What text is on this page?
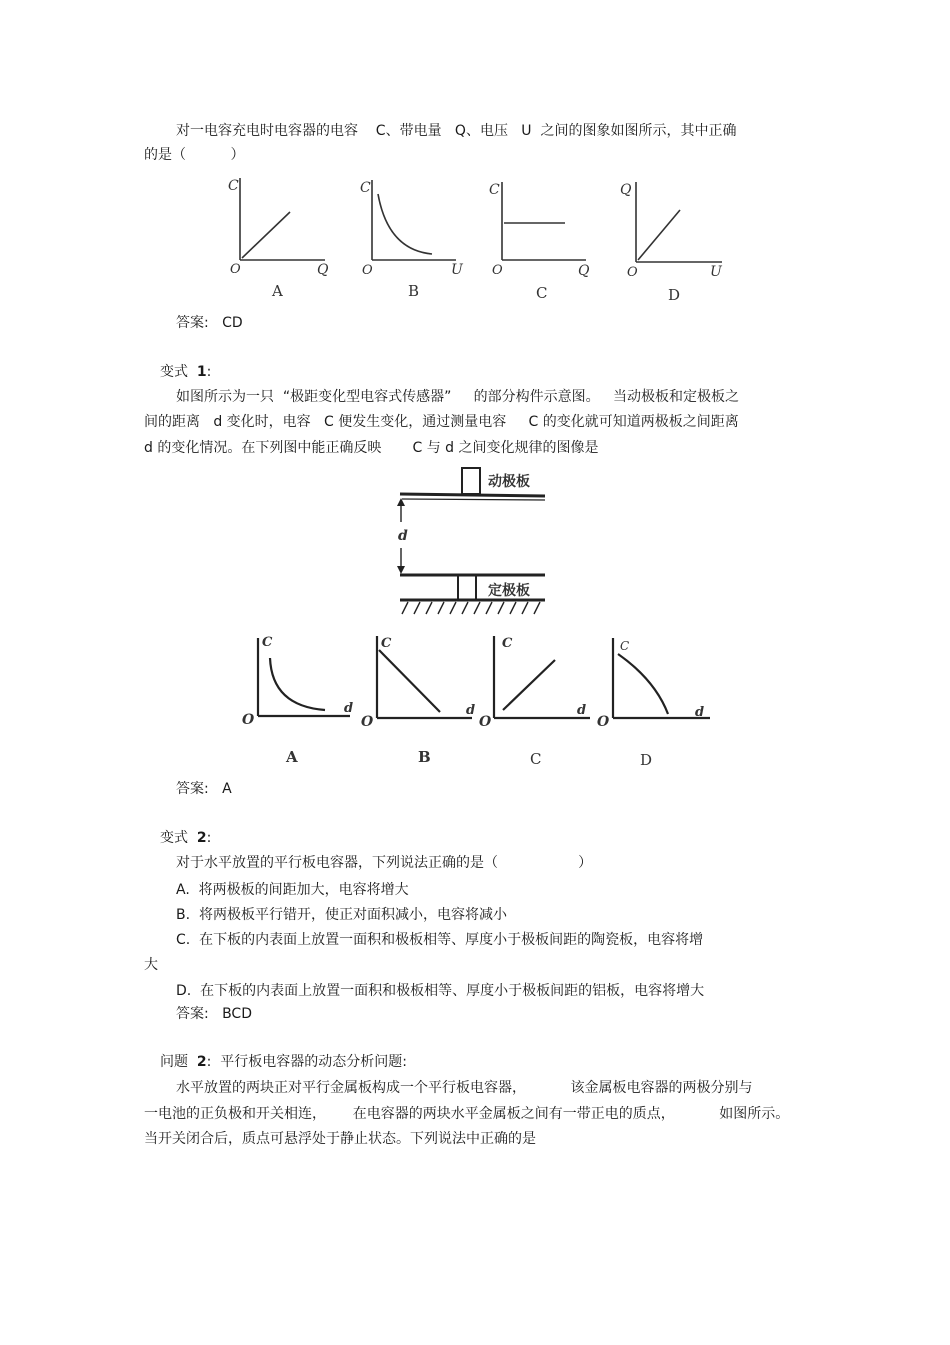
对一电容充电时电容器的电容    C、带电量   Q、电压   U  之间的图象如图所示，其中正确
的是（          ）
C
O	Q
A
C
O	U
B
C
O	Q
C
Q
O	U
D
答案:   CD
变式  1:
如图所示为一只  “极距变化型电容式传感器”     的部分构件示意图。   当动极板和定极板之
间的距离   d 变化时，电容   C 便发生变化，通过测量电容     C 的变化就可知道两极板之间距离
d 的变化情况。在下列图中能正确反映       C 与 d 之间变化规律的图像是
动极板
d
定极板
C
O
d
A
C
O
d
B
C
O
d
C
C
O
d
D
答案:   A
变式  2:
对于水平放置的平行板电容器，下列说法正确的是（                  ）
A.  将两极板的间距加大，电容将增大
B.  将两极板平行错开，使正对面积减小，电容将减小
C.  在下板的内表面上放置一面积和极板相等、厚度小于极板间距的陶瓷板，电容将增
大
D.  在下板的内表面上放置一面积和极板相等、厚度小于极板间距的铝板，电容将增大
答案:   BCD
问题  2:  平行板电容器的动态分析问题:
水平放置的两块正对平行金属板构成一个平行板电容器，          该金属板电容器的两极分别与
一电池的正负极和开关相连，      在电容器的两块水平金属板之间有一带正电的质点，          如图所示。
当开关闭合后，质点可悬浮处于静止状态。下列说法中正确的是
